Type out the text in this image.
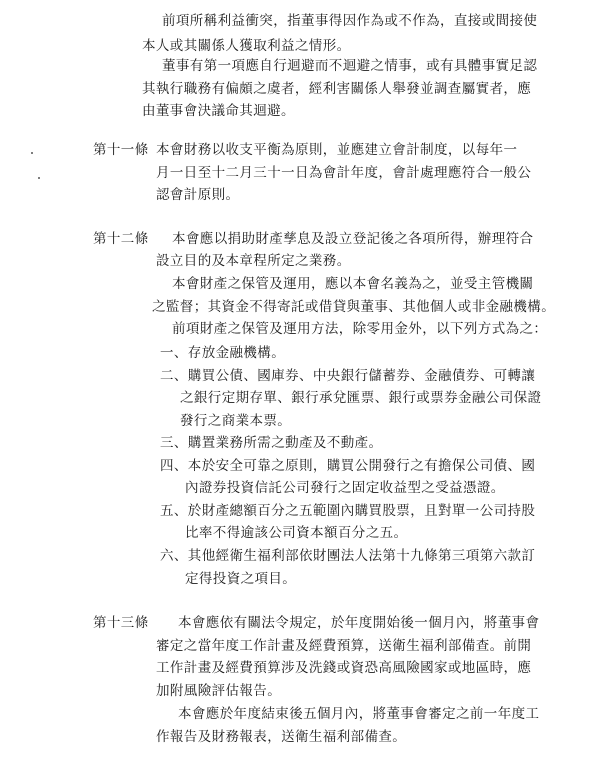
前項所稱利益衝突，指董事得因作為或不作為，直接或間接使
本人或其關係人獲取利益之情形。
董事有第一項應自行迴避而不迴避之情事，或有具體事實足認
其執行職務有偏頗之虞者，經利害關係人舉發並調查屬實者，應
由董事會決議命其迴避。
第十一條 本會財務以收支平衡為原則，並應建立會計制度，以每年一
月一日至十二月三十一日為會計年度，會計處理應符合一般公
認會計原則。
第十二條 本會應以捐助財產孳息及設立登記後之各項所得，辦理符合
設立目的及本章程所定之業務。
本會財產之保管及運用，應以本會名義為之，並受主管機關
之監督；其資金不得寄託或借貸與董事、其他個人或非金融機構。
前項財產之保管及運用方法，除零用金外，以下列方式為之：
一、存放金融機構。
二、購買公債、國庫券、中央銀行儲蓄券、金融債券、可轉讓
之銀行定期存單、銀行承兌匯票、銀行或票券金融公司保證
發行之商業本票。
三、購置業務所需之動產及不動產。
四、本於安全可靠之原則，購買公開發行之有擔保公司債、國
內證券投資信託公司發行之固定收益型之受益憑證。
五、於財產總額百分之五範圍內購買股票，且對單一公司持股
比率不得逾該公司資本額百分之五。
六、其他經衛生福利部依財團法人法第十九條第三項第六款訂
定得投資之項目。
第十三條 本會應依有關法令規定，於年度開始後一個月內，將董事會
審定之當年度工作計畫及經費預算，送衛生福利部備查。前開
工作計畫及經費預算涉及洗錢或資恐高風險國家或地區時，應
加附風險評估報告。
本會應於年度結束後五個月內，將董事會審定之前一年度工
作報告及財務報表，送衛生福利部備查。
